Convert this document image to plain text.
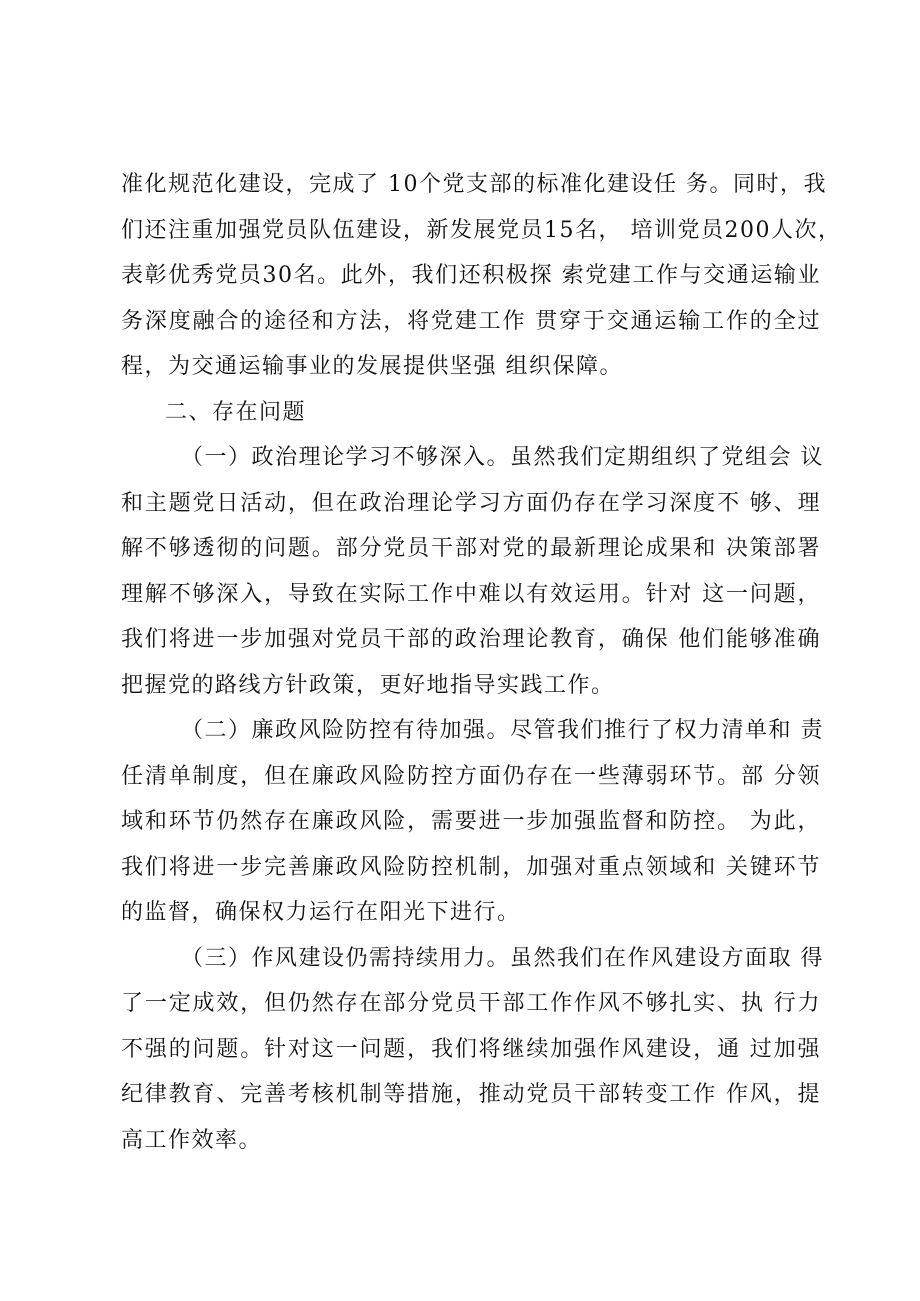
准化规范化建设，完成了 10个党支部的标准化建设任 务。同时，我
们还注重加强党员队伍建设，新发展党员15名， 培训党员200人次，
表彰优秀党员30名。此外，我们还积极探 索党建工作与交通运输业
务深度融合的途径和方法，将党建工作 贯穿于交通运输工作的全过
程，为交通运输事业的发展提供坚强 组织保障。
二、存在问题
（一）政治理论学习不够深入。虽然我们定期组织了党组会 议
和主题党日活动，但在政治理论学习方面仍存在学习深度不 够、理
解不够透彻的问题。部分党员干部对党的最新理论成果和 决策部署
理解不够深入，导致在实际工作中难以有效运用。针对 这一问题，
我们将进一步加强对党员干部的政治理论教育，确保 他们能够准确
把握党的路线方针政策，更好地指导实践工作。
（二）廉政风险防控有待加强。尽管我们推行了权力清单和 责
任清单制度，但在廉政风险防控方面仍存在一些薄弱环节。部 分领
域和环节仍然存在廉政风险，需要进一步加强监督和防控。 为此，
我们将进一步完善廉政风险防控机制，加强对重点领域和 关键环节
的监督，确保权力运行在阳光下进行。
（三）作风建设仍需持续用力。虽然我们在作风建设方面取 得
了一定成效，但仍然存在部分党员干部工作作风不够扎实、执 行力
不强的问题。针对这一问题，我们将继续加强作风建设，通 过加强
纪律教育、完善考核机制等措施，推动党员干部转变工作 作风，提
高工作效率。
